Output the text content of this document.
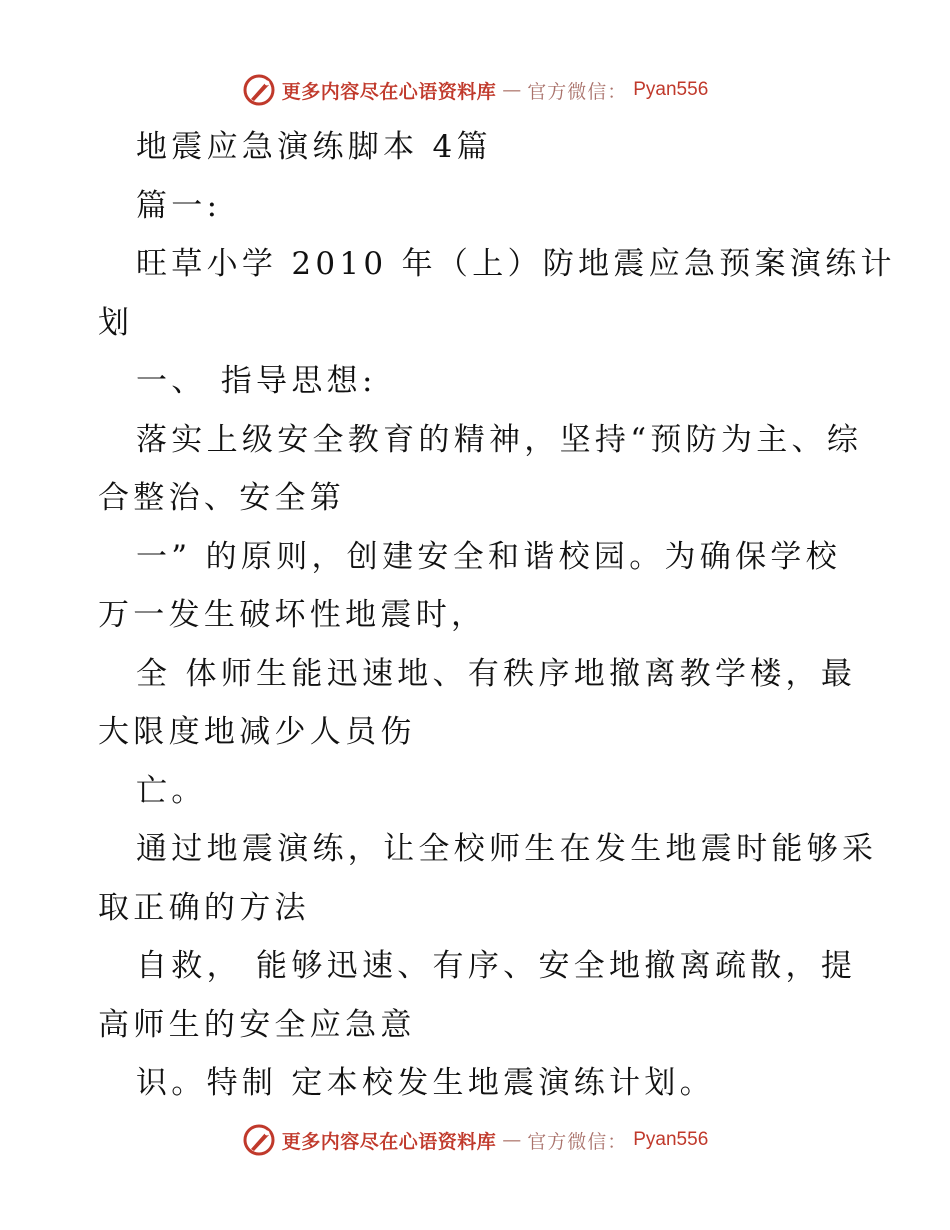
更多内容尽在心语资料库 — 官方微信： Pyan556
地震应急演练脚本 4篇
篇一:
旺草小学 2010 年（上）防地震应急预案演练计
划
一、 指导思想:
落实上级安全教育的精神，坚持“预防为主、综
合整治、安全第
一” 的原则，创建安全和谐校园。为确保学校
万一发生破坏性地震时，
全 体师生能迅速地、有秩序地撤离教学楼，最
大限度地减少人员伤
亡。
通过地震演练，让全校师生在发生地震时能够采
取正确的方法
自救， 能够迅速、有序、安全地撤离疏散，提
高师生的安全应急意
识。特制 定本校发生地震演练计划。
更多内容尽在心语资料库 — 官方微信： Pyan556
